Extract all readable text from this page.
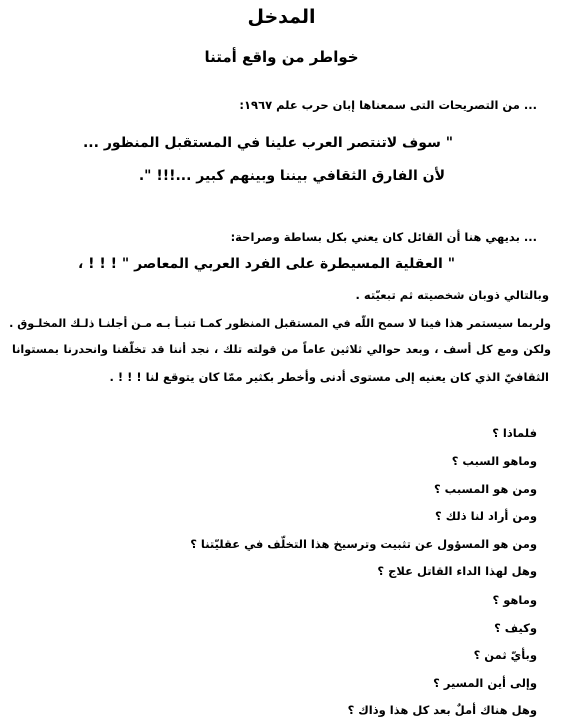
المدخل
خواطر من واقع أمتنا
... من التصريحات التى سمعناها إبان حرب علم ١٩٦٧:
" سوف لاتنتصر العرب علينا في المستقبل المنظور ...
لأن الفارق الثقافي بيننا وبينهم كبير ...!!! ".
... بديهي هنا أن القائل كان يعني بكل بساطة وصراحة:
" العقلية المسيطرة على الفرد العربي المعاصر " ! ! ! ،
وبالتالي ذوبان شخصيته ثم تبعيّته .
ولربما سيستمر هذا فينا لا سمح اللّه في المستقبل المنظور كمـا تنبـأ بـه مـن أجلنـا ذلـك المخلـوق .
ولكن ومع كل أسف ، وبعد حوالي ثلاثين عاماً من قولته تلك ، نجد أننا قد تخلّفنا وانحدرنا بمستوانا
الثقافيّ الذي كان يعنيه إلى مستوى أدنى وأخطر بكثير ممّا كان يتوقع لنا ! ! ! .
فلماذا ؟
وماهو السبب ؟
ومن هو المسبب ؟
ومن أراد لنا ذلك ؟
ومن هو المسؤول عن تثبيت وترسيخ هذا التخلّف في عقليّتنا ؟
وهل لهذا الداء القاتل علاج ؟
وماهو ؟
وكيف ؟
وبأيّ ثمن ؟
وإلى أين المسير ؟
وهل هناك أملٌ بعد كل هذا وذاك ؟
